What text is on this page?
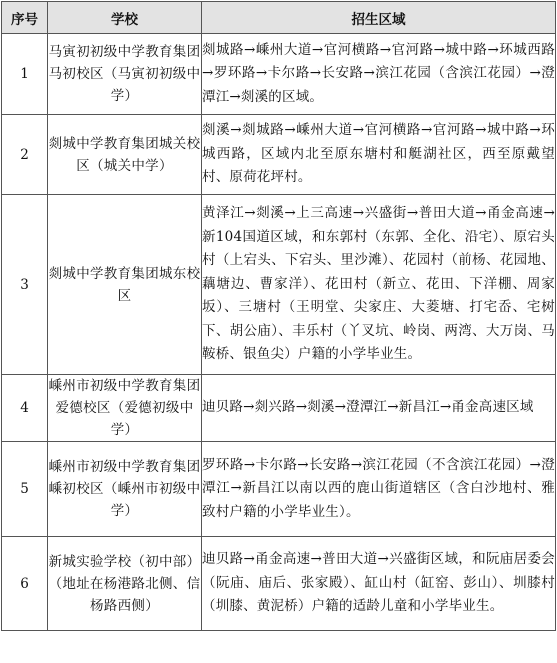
序号	学校	招生区域
1	马寅初初级中学教育集团马初校区（马寅初初级中学）	剡城路→嵊州大道→官河横路→官河路→城中路→环城西路→罗环路→卡尔路→长安路→滨江花园（含滨江花园）→澄潭江→剡溪的区域。
2	剡城中学教育集团城关校区（城关中学）	剡溪→剡城路→嵊州大道→官河横路→官河路→城中路→环城西路，区域内北至原东塘村和艇湖社区，西至原戴望村、原荷花坪村。
3	剡城中学教育集团城东校区	黄泽江→剡溪→上三高速→兴盛街→普田大道→甬金高速→新104国道区域，和东郭村（东郭、全化、沿宅）、原宕头村（上宕头、下宕头、里沙滩）、花园村（前杨、花园地、藕塘边、曹家洋）、花田村（新立、花田、下洋棚、周家坂）、三塘村（王明堂、尖家庄、大菱塘、打宅岙、宅树下、胡公庙）、丰乐村（丫叉坑、岭岗、两湾、大万岗、马鞍桥、银鱼尖）户籍的小学毕业生。
4	嵊州市初级中学教育集团爱德校区（爱德初级中学）	迪贝路→剡兴路→剡溪→澄潭江→新昌江→甬金高速区域
5	嵊州市初级中学教育集团嵊初校区（嵊州市初级中学）	罗环路→卡尔路→长安路→滨江花园（不含滨江花园）→澄潭江→新昌江以南以西的鹿山街道辖区（含白沙地村、雅致村户籍的小学毕业生）。
6	新城实验学校（初中部）（地址在杨港路北侧、信杨路西侧）	迪贝路→甬金高速→普田大道→兴盛街区域，和阮庙居委会（阮庙、庙后、张家殿）、缸山村（缸窑、彭山）、圳膝村（圳膝、黄泥桥）户籍的适龄儿童和小学毕业生。
